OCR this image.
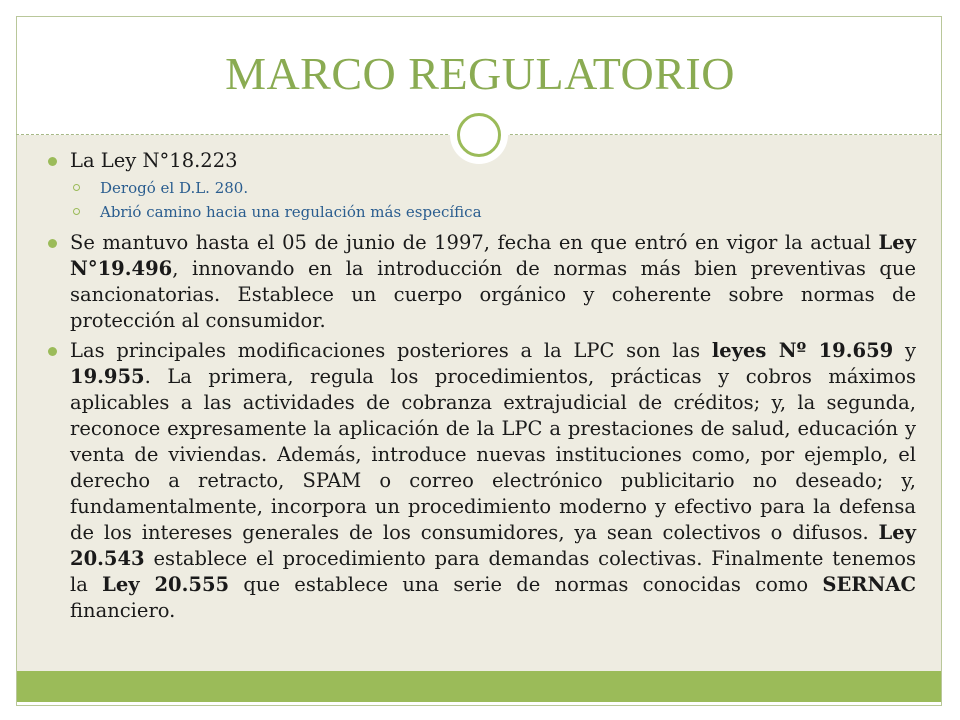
MARCO REGULATORIO
La Ley N°18.223
Derogó el D.L. 280.
Abrió camino hacia una regulación más específica
Se mantuvo hasta el 05 de junio de 1997, fecha en que entró en vigor la actual Ley N°19.496, innovando en la introducción de normas más bien preventivas que sancionatorias. Establece un cuerpo orgánico y coherente sobre normas de protección al consumidor.
Las principales modificaciones posteriores a la LPC son las leyes Nº 19.659 y 19.955. La primera, regula los procedimientos, prácticas y cobros máximos aplicables a las actividades de cobranza extrajudicial de créditos; y, la segunda, reconoce expresamente la aplicación de la LPC a prestaciones de salud, educación y venta de viviendas. Además, introduce nuevas instituciones como, por ejemplo, el derecho a retracto, SPAM o correo electrónico publicitario no deseado; y, fundamentalmente, incorpora un procedimiento moderno y efectivo para la defensa de los intereses generales de los consumidores, ya sean colectivos o difusos. Ley 20.543 establece el procedimiento para demandas colectivas. Finalmente tenemos la Ley 20.555 que establece una serie de normas conocidas como SERNAC financiero.
